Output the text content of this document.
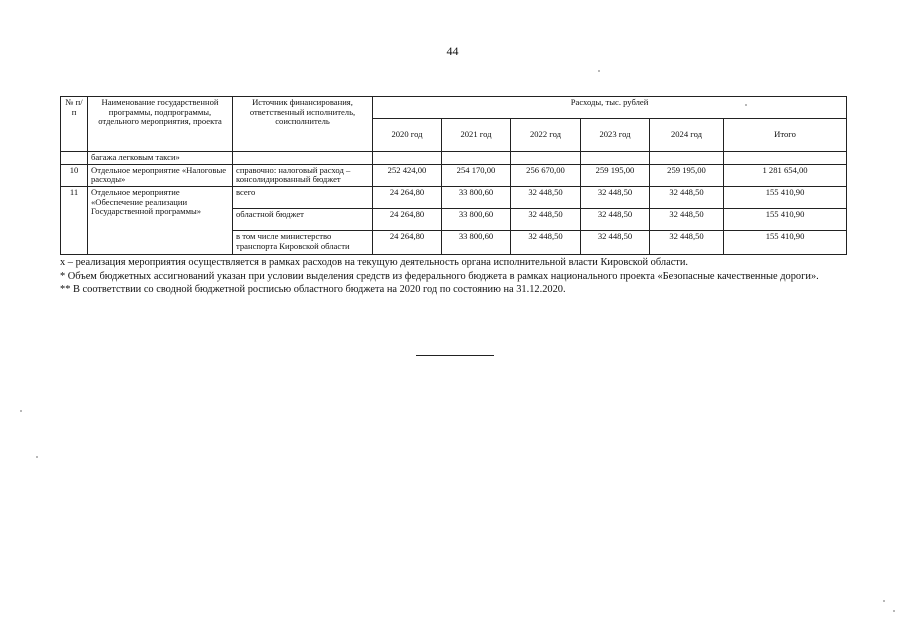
44
№ п/п	Наименование государственной программы, подпрограммы, отдельного мероприятия, проекта	Источник финансирования, ответственный исполнитель, соисполнитель	Расходы, тыс. рублей					
			2020 год	2021 год	2022 год	2023 год	2024 год	Итого
	багажа легковым такси»							
10	Отдельное мероприятие «Налоговые расходы»	справочно: налоговый расход – консолидированный бюджет	252 424,00	254 170,00	256 670,00	259 195,00	259 195,00	1 281 654,00
11	Отдельное мероприятие «Обеспечение реализации Государственной программы»	всего	24 264,80	33 800,60	32 448,50	32 448,50	32 448,50	155 410,90
		областной бюджет	24 264,80	33 800,60	32 448,50	32 448,50	32 448,50	155 410,90
		в том числе министерство транспорта Кировской области	24 264,80	33 800,60	32 448,50	32 448,50	32 448,50	155 410,90

х – реализация мероприятия осуществляется в рамках расходов на текущую деятельность органа исполнительной власти Кировской области.

* Объем бюджетных ассигнований указан при условии выделения средств из федерального бюджета в рамках национального проекта «Безопасные качественные дороги».

** В соответствии со сводной бюджетной росписью областного бюджета на 2020 год по состоянию на 31.12.2020.
